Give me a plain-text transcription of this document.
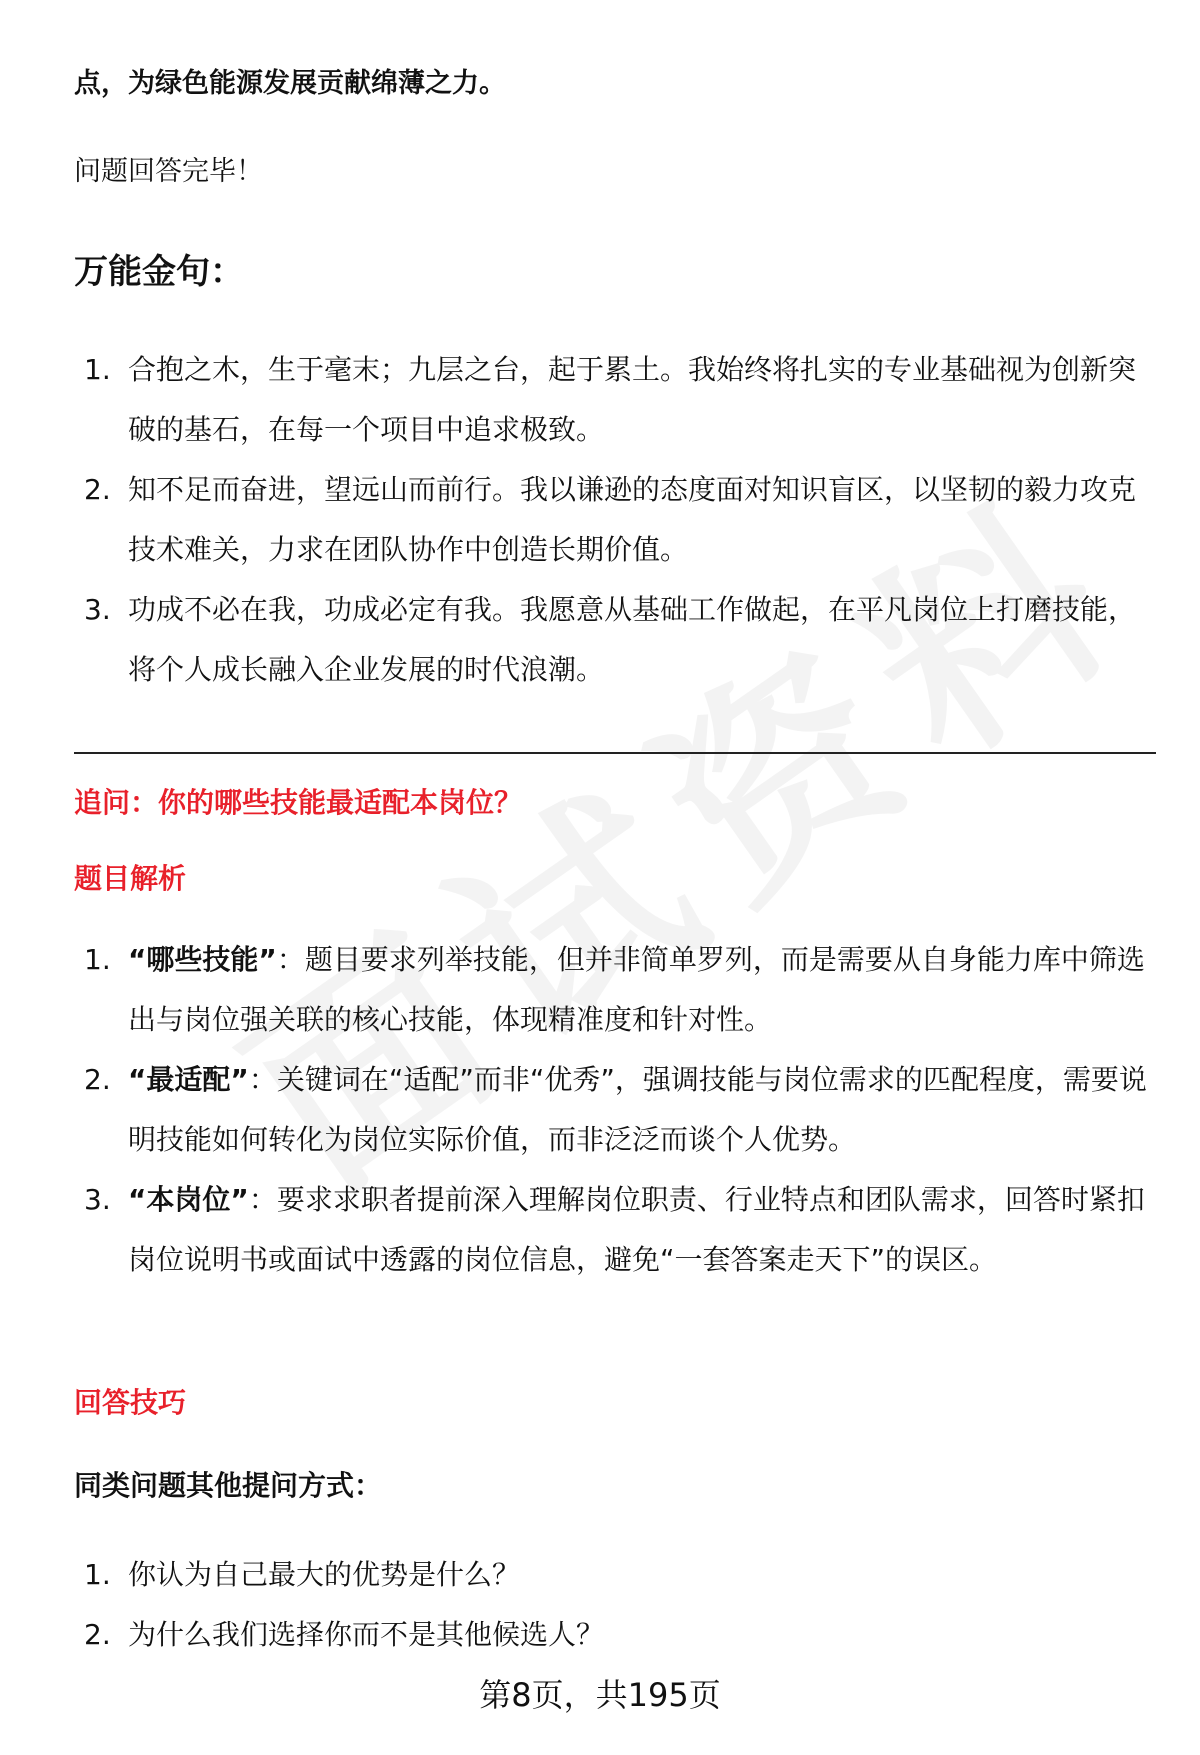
点，为绿色能源发展贡献绵薄之力。
问题回答完毕！
万能金句：
1. 合抱之木，生于毫末；九层之台，起于累土。我始终将扎实的专业基础视为创新突破的基石，在每一个项目中追求极致。
2. 知不足而奋进，望远山而前行。我以谦逊的态度面对知识盲区，以坚韧的毅力攻克技术难关，力求在团队协作中创造长期价值。
3. 功成不必在我，功成必定有我。我愿意从基础工作做起，在平凡岗位上打磨技能，将个人成长融入企业发展的时代浪潮。
追问：你的哪些技能最适配本岗位？
题目解析
1. “哪些技能”：题目要求列举技能，但并非简单罗列，而是需要从自身能力库中筛选出与岗位强关联的核心技能，体现精准度和针对性。
2. “最适配”：关键词在“适配”而非“优秀”，强调技能与岗位需求的匹配程度，需要说明技能如何转化为岗位实际价值，而非泛泛而谈个人优势。
3. “本岗位”：要求求职者提前深入理解岗位职责、行业特点和团队需求，回答时紧扣岗位说明书或面试中透露的岗位信息，避免“一套答案走天下”的误区。
回答技巧
同类问题其他提问方式：
1. 你认为自己最大的优势是什么？
2. 为什么我们选择你而不是其他候选人？
第8页，共195页
